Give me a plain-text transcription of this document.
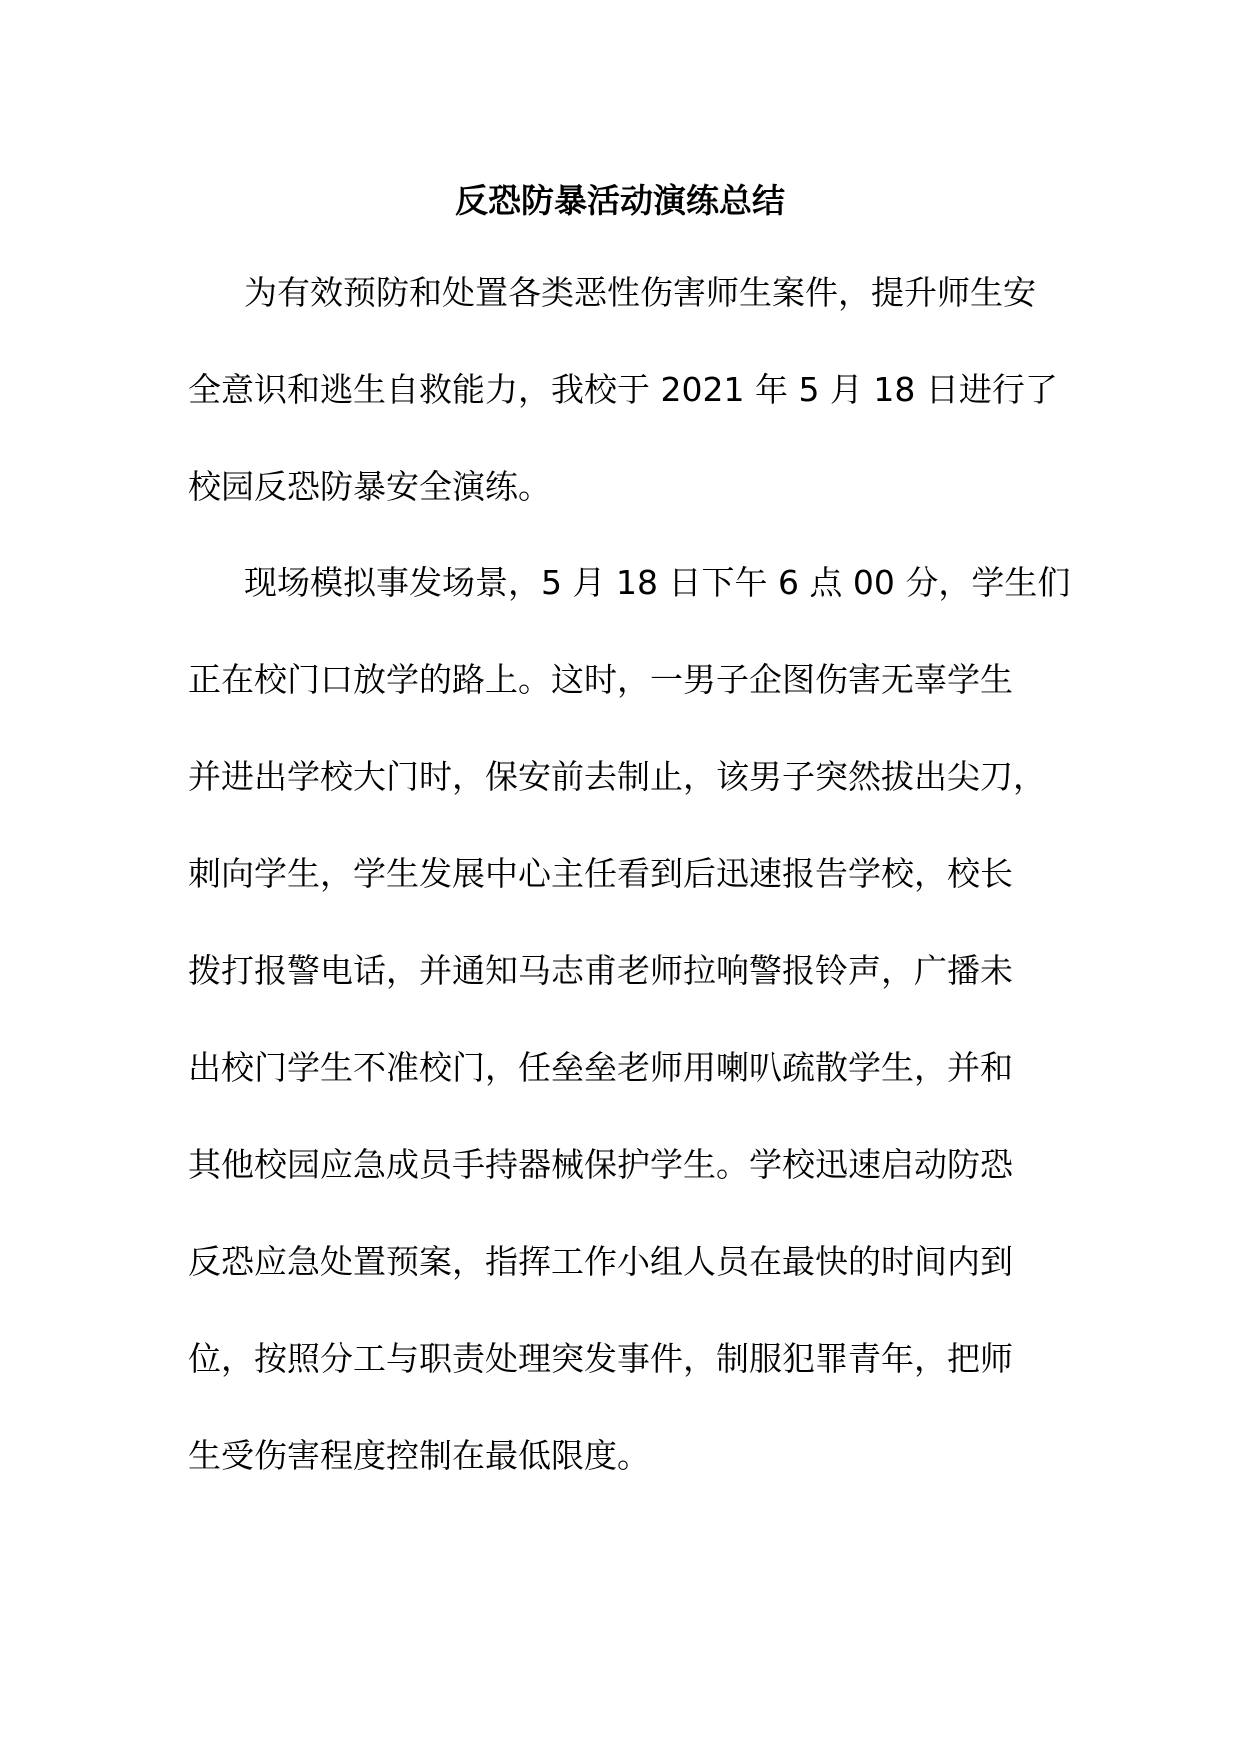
反恐防暴活动演练总结
为有效预防和处置各类恶性伤害师生案件，提升师生安
全意识和逃生自救能力，我校于 2021 年 5 月 18 日进行了
校园反恐防暴安全演练。
现场模拟事发场景，5 月 18 日下午 6 点 00 分，学生们
正在校门口放学的路上。这时，一男子企图伤害无辜学生
并进出学校大门时，保安前去制止，该男子突然拔出尖刀，
刺向学生，学生发展中心主任看到后迅速报告学校，校长
拨打报警电话，并通知马志甫老师拉响警报铃声，广播未
出校门学生不准校门，任垒垒老师用喇叭疏散学生，并和
其他校园应急成员手持器械保护学生。学校迅速启动防恐
反恐应急处置预案，指挥工作小组人员在最快的时间内到
位，按照分工与职责处理突发事件，制服犯罪青年，把师
生受伤害程度控制在最低限度。
